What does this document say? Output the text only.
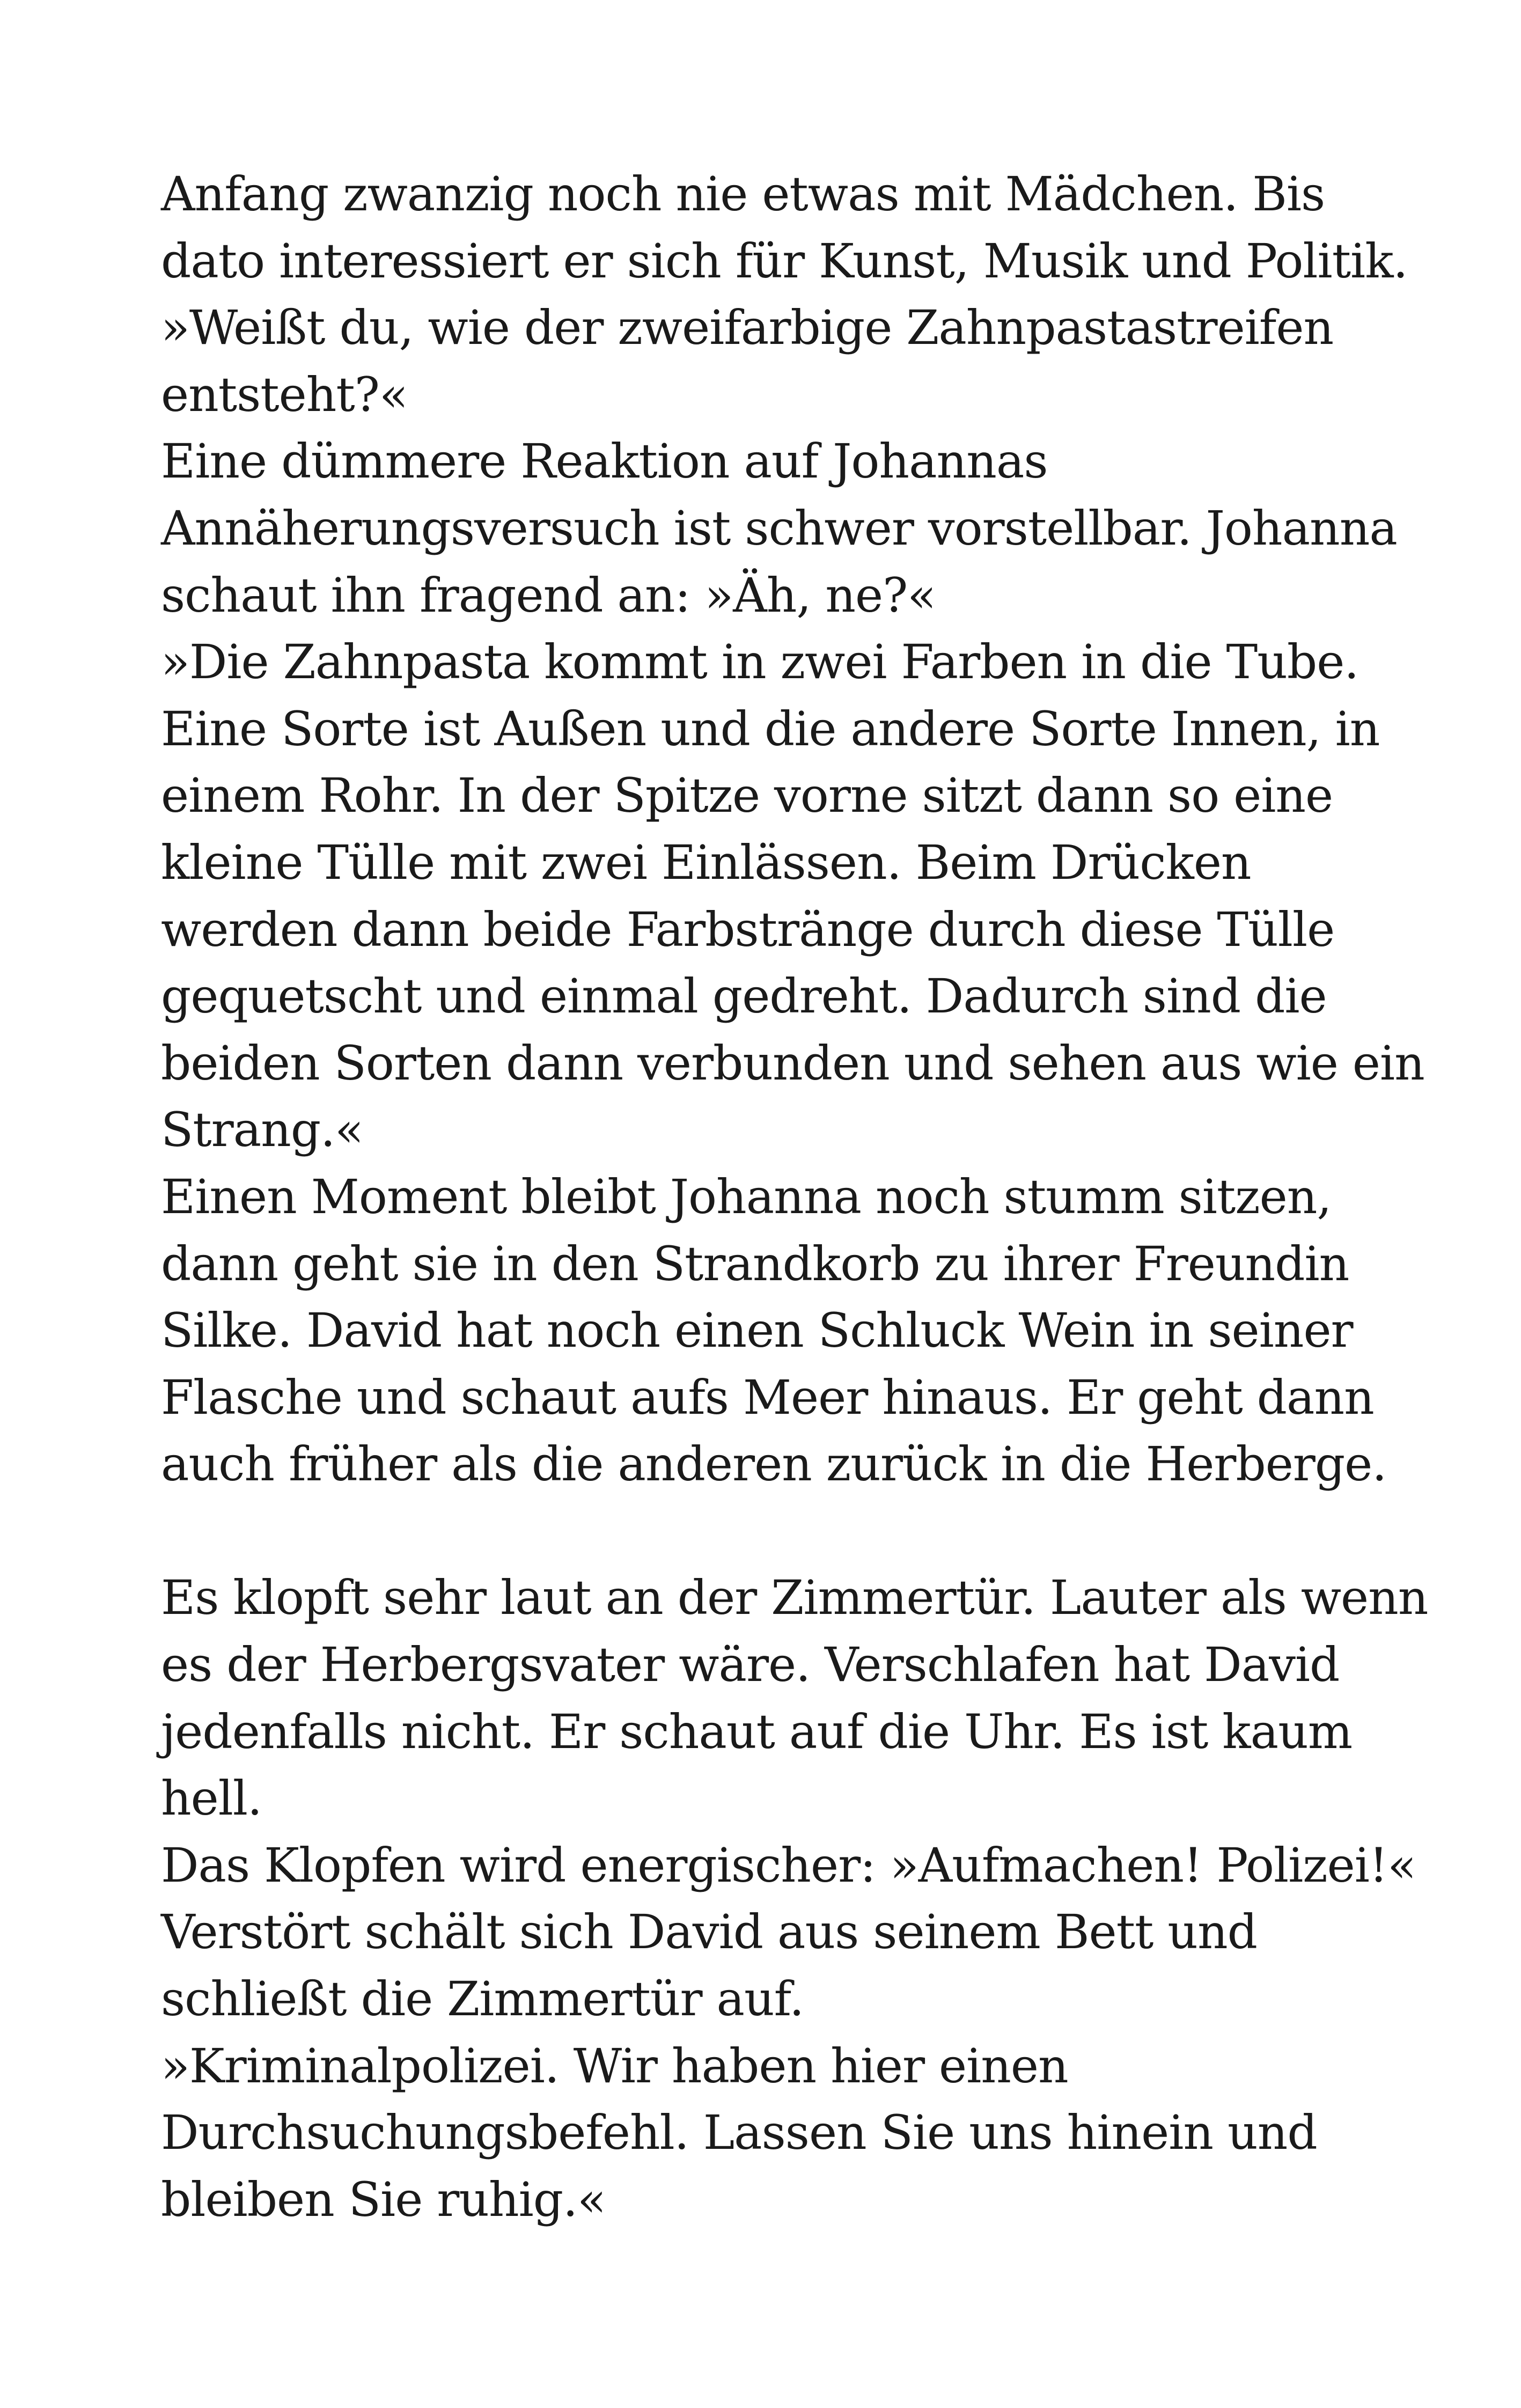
Anfang zwanzig noch nie etwas mit Mädchen. Bis
dato interessiert er sich für Kunst, Musik und Politik.

»Weißt du, wie der zweifarbige Zahnpastastreifen
entsteht?«

Eine dümmere Reaktion auf Johannas
Annäherungsversuch ist schwer vorstellbar. Johanna
schaut ihn fragend an: »Äh, ne?«

»Die Zahnpasta kommt in zwei Farben in die Tube.
Eine Sorte ist Außen und die andere Sorte Innen, in
einem Rohr. In der Spitze vorne sitzt dann so eine
kleine Tülle mit zwei Einlässen. Beim Drücken
werden dann beide Farbstränge durch diese Tülle
gequetscht und einmal gedreht. Dadurch sind die
beiden Sorten dann verbunden und sehen aus wie ein
Strang.«

Einen Moment bleibt Johanna noch stumm sitzen,
dann geht sie in den Strandkorb zu ihrer Freundin
Silke. David hat noch einen Schluck Wein in seiner
Flasche und schaut aufs Meer hinaus. Er geht dann
auch früher als die anderen zurück in die Herberge.

Es klopft sehr laut an der Zimmertür. Lauter als wenn
es der Herbergsvater wäre. Verschlafen hat David
jedenfalls nicht. Er schaut auf die Uhr. Es ist kaum
hell.

Das Klopfen wird energischer: »Aufmachen! Polizei!«

Verstört schält sich David aus seinem Bett und
schließt die Zimmertür auf.

»Kriminalpolizei. Wir haben hier einen
Durchsuchungsbefehl. Lassen Sie uns hinein und
bleiben Sie ruhig.«
